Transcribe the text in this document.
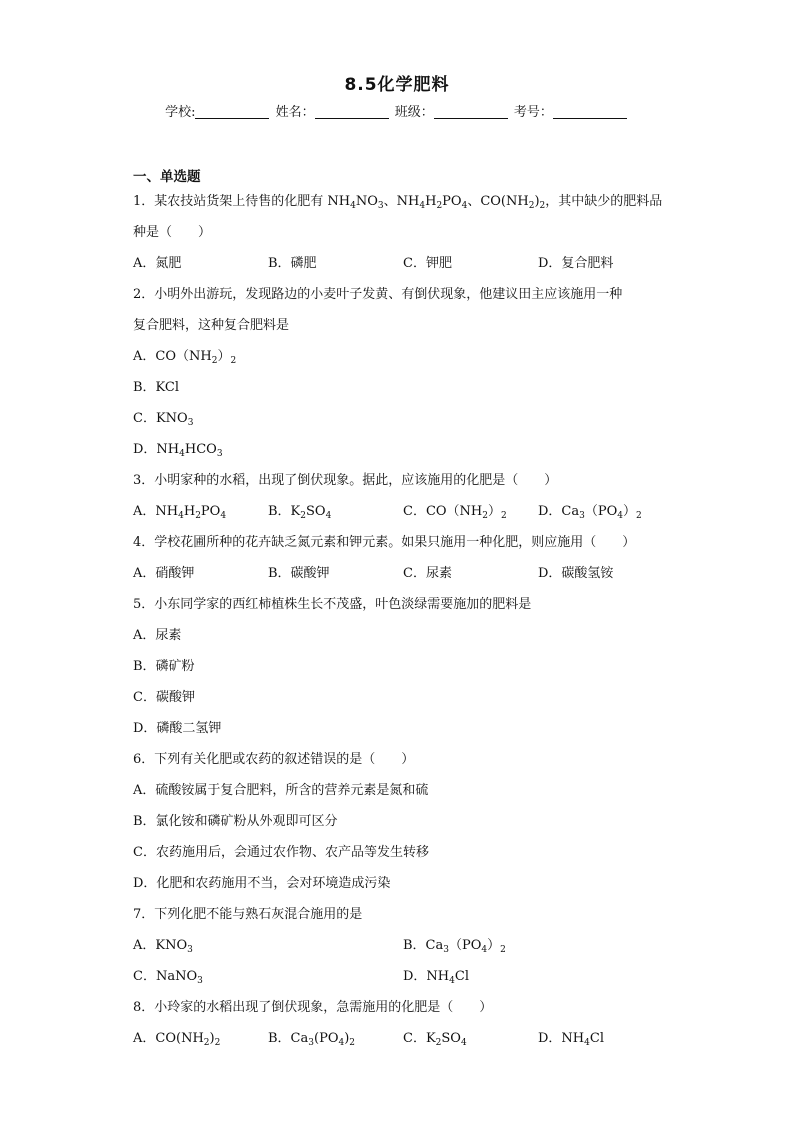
8.5化学肥料
学校:	姓名：	班级：	考号：
一、单选题
1．某农技站货架上待售的化肥有 $NH_4NO_3$、$NH_4H_2PO_4$、$CO(NH_2)_2$，其中缺少的肥料品
种是（　　）
A．氮肥	B．磷肥	C．钾肥	D．复合肥料
2．小明外出游玩，发现路边的小麦叶子发黄、有倒伏现象，他建议田主应该施用一种
复合肥料，这种复合肥料是
A．$CO(NH_2)_2$
B．KCl
C．$KNO_3$
D．$NH_4HCO_3$
3．小明家种的水稻，出现了倒伏现象。据此，应该施用的化肥是（　　）
A．$NH_4H_2PO_4$	B．$K_2SO_4$	C．$CO(NH_2)_2$	D．$Ca_3(PO_4)_2$
4．学校花圃所种的花卉缺乏氮元素和钾元素。如果只施用一种化肥，则应施用（　　）
A．硝酸钾	B．碳酸钾	C．尿素	D．碳酸氢铵
5．小东同学家的西红柿植株生长不茂盛，叶色淡绿需要施加的肥料是
A．尿素
B．磷矿粉
C．碳酸钾
D．磷酸二氢钾
6．下列有关化肥或农药的叙述错误的是（　　）
A．硫酸铵属于复合肥料，所含的营养元素是氮和硫
B．氯化铵和磷矿粉从外观即可区分
C．农药施用后，会通过农作物、农产品等发生转移
D．化肥和农药施用不当，会对环境造成污染
7．下列化肥不能与熟石灰混合施用的是
A．$KNO_3$	B．$Ca_3(PO_4)_2$
C．NaNO$_3$	D．$NH_4Cl$
8．小玲家的水稻出现了倒伏现象，急需施用的化肥是（　　）
A．$CO(NH_2)_2$	B．$Ca_3(PO_4)_2$	C．$K_2SO_4$	D．$NH_4Cl$
